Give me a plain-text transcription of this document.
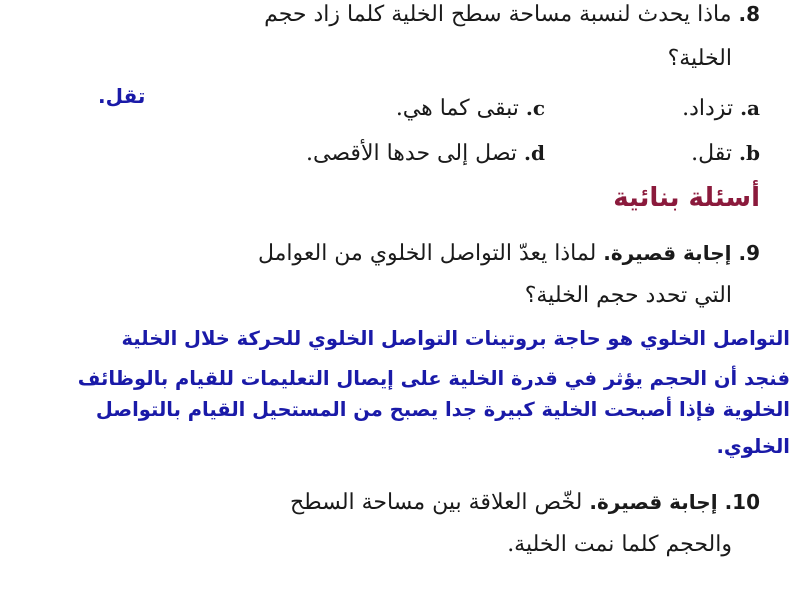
.8 ماذا يحدث لنسبة مساحة سطح الخلية كلما زاد حجم
الخلية؟
تقل.	.a تزداد.
.c تبقى كما هي.
.b تقل.
.d تصل إلى حدها الأقصى.
أسئلة بنائية
.9 إجابة قصيرة. لماذا يعدّ التواصل الخلوي من العوامل
التي تحدد حجم الخلية؟
التواصل الخلوي هو حاجة بروتينات التواصل الخلوي للحركة خلال الخلية
فنجد أن الحجم يؤثر في قدرة الخلية على إيصال التعليمات للقيام بالوظائف
الخلوية فإذا أصبحت الخلية كبيرة جدا يصبح من المستحيل القيام بالتواصل
الخلوي.
.10 إجابة قصيرة. لخّص العلاقة بين مساحة السطح
والحجم كلما نمت الخلية.
